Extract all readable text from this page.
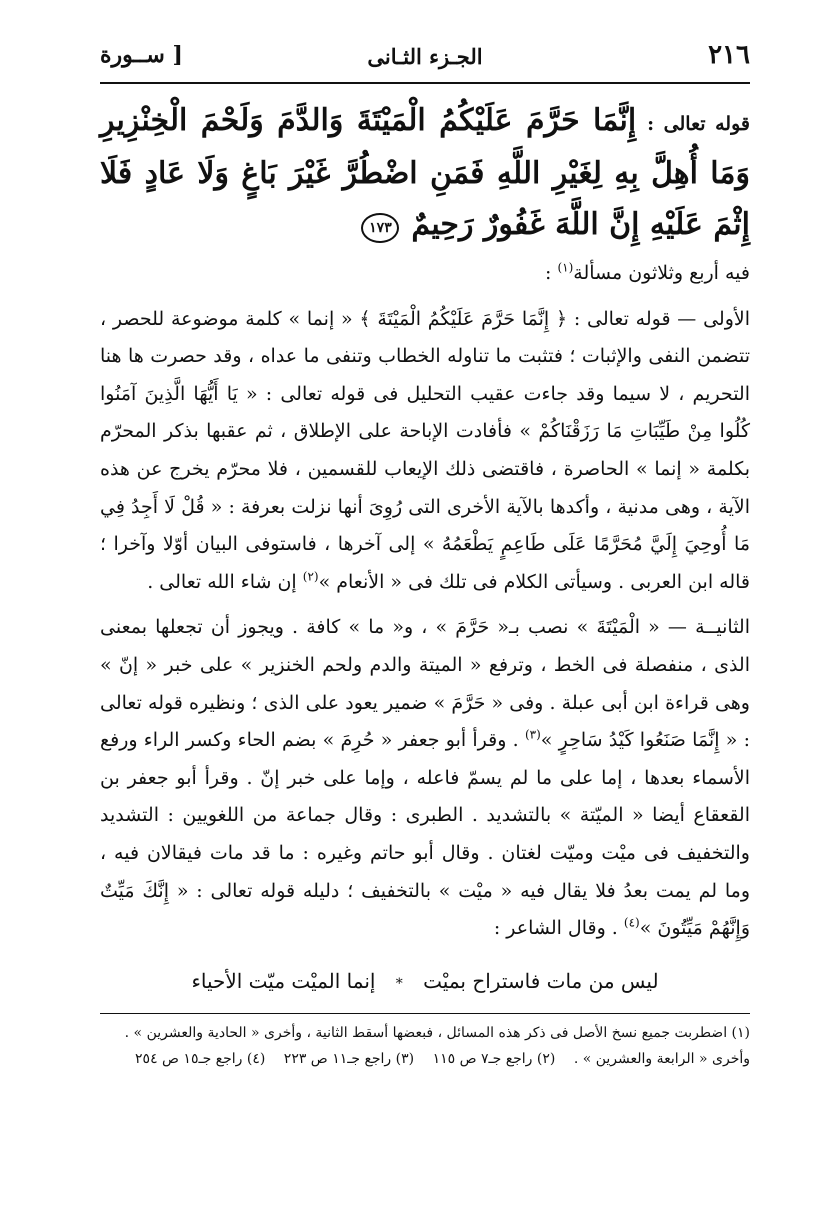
٢١٦
الجـزء الثـانى
[ ســورة
قوله تعالى : إِنَّمَا حَرَّمَ عَلَيْكُمُ الْمَيْتَةَ وَالدَّمَ وَلَحْمَ الْخِنْزِيرِ وَمَا أُهِلَّ بِهِ لِغَيْرِ اللَّهِ فَمَنِ اضْطُرَّ غَيْرَ بَاغٍ وَلَا عَادٍ فَلَا إِثْمَ عَلَيْهِ إِنَّ اللَّهَ غَفُورٌ رَحِيمٌ ١٧٣

فيه أربع وثلاثون مسألة$^{(١)}$ :

الأولى — قوله تعالى : ﴿ إِنَّمَا حَرَّمَ عَلَيْكُمُ الْمَيْتَةَ ﴾ « إنما » كلمة موضوعة للحصر ، تتضمن النفى والإثبات ؛ فتثبت ما تناوله الخطاب وتنفى ما عداه ، وقد حصرت ها هنا التحريم ، لا سيما وقد جاءت عقيب التحليل فى قوله تعالى : « يَا أَيُّهَا الَّذِينَ آمَنُوا كُلُوا مِنْ طَيِّبَاتِ مَا رَزَقْنَاكُمْ » فأفادت الإباحة على الإطلاق ، ثم عقبها بذكر المحرّم بكلمة « إنما » الحاصرة ، فاقتضى ذلك الإيعاب للقسمين ، فلا محرّم يخرج عن هذه الآية ، وهى مدنية ، وأكدها بالآية الأخرى التى رُوِىَ أنها نزلت بعرفة : « قُلْ لَا أَجِدُ فِي مَا أُوحِيَ إِلَيَّ مُحَرَّمًا عَلَى طَاعِمٍ يَطْعَمُهُ » إلى آخرها ، فاستوفى البيان أوّلا وآخرا ؛ قاله ابن العربى . وسيأتى الكلام فى تلك فى « الأنعام »$^{(٢)}$ إن شاء الله تعالى .

الثانيــة — « الْمَيْتَةَ » نصب بـ« حَرَّمَ » ، و« ما » كافة . ويجوز أن تجعلها بمعنى الذى ، منفصلة فى الخط ، وترفع « الميتة والدم ولحم الخنزير » على خبر « إنّ » وهى قراءة ابن أبى عبلة . وفى « حَرَّمَ » ضمير يعود على الذى ؛ ونظيره قوله تعالى : « إِنَّمَا صَنَعُوا كَيْدُ سَاحِرٍ »$^{(٣)}$ . وقرأ أبو جعفر « حُرِمَ » بضم الحاء وكسر الراء ورفع الأسماء بعدها ، إما على ما لم يسمّ فاعله ، وإما على خبر إنّ . وقرأ أبو جعفر بن القعقاع أيضا « الميّتة » بالتشديد . الطبرى : وقال جماعة من اللغويين : التشديد والتخفيف فى ميْت وميّت لغتان . وقال أبو حاتم وغيره : ما قد مات فيقالان فيه ، وما لم يمت بعدُ فلا يقال فيه « ميْت » بالتخفيف ؛ دليله قوله تعالى : « إِنَّكَ مَيِّتٌ وَإِنَّهُمْ مَيِّتُونَ »$^{(٤)}$ . وقال الشاعر :

ليس من مات فاستراح بميْت * إنما الميْت ميّت الأحياء
(١) اضطربت جميع نسخ الأصل فى ذكر هذه المسائل ، فبعضها أسقط الثانية ، وأخرى « الحادية والعشرين » .
وأخرى « الرابعة والعشرين » . (٢) راجع جـ٧ ص ١١٥ (٣) راجع جـ١١ ص ٢٢٣ (٤) راجع جـ١٥ ص ٢٥٤
